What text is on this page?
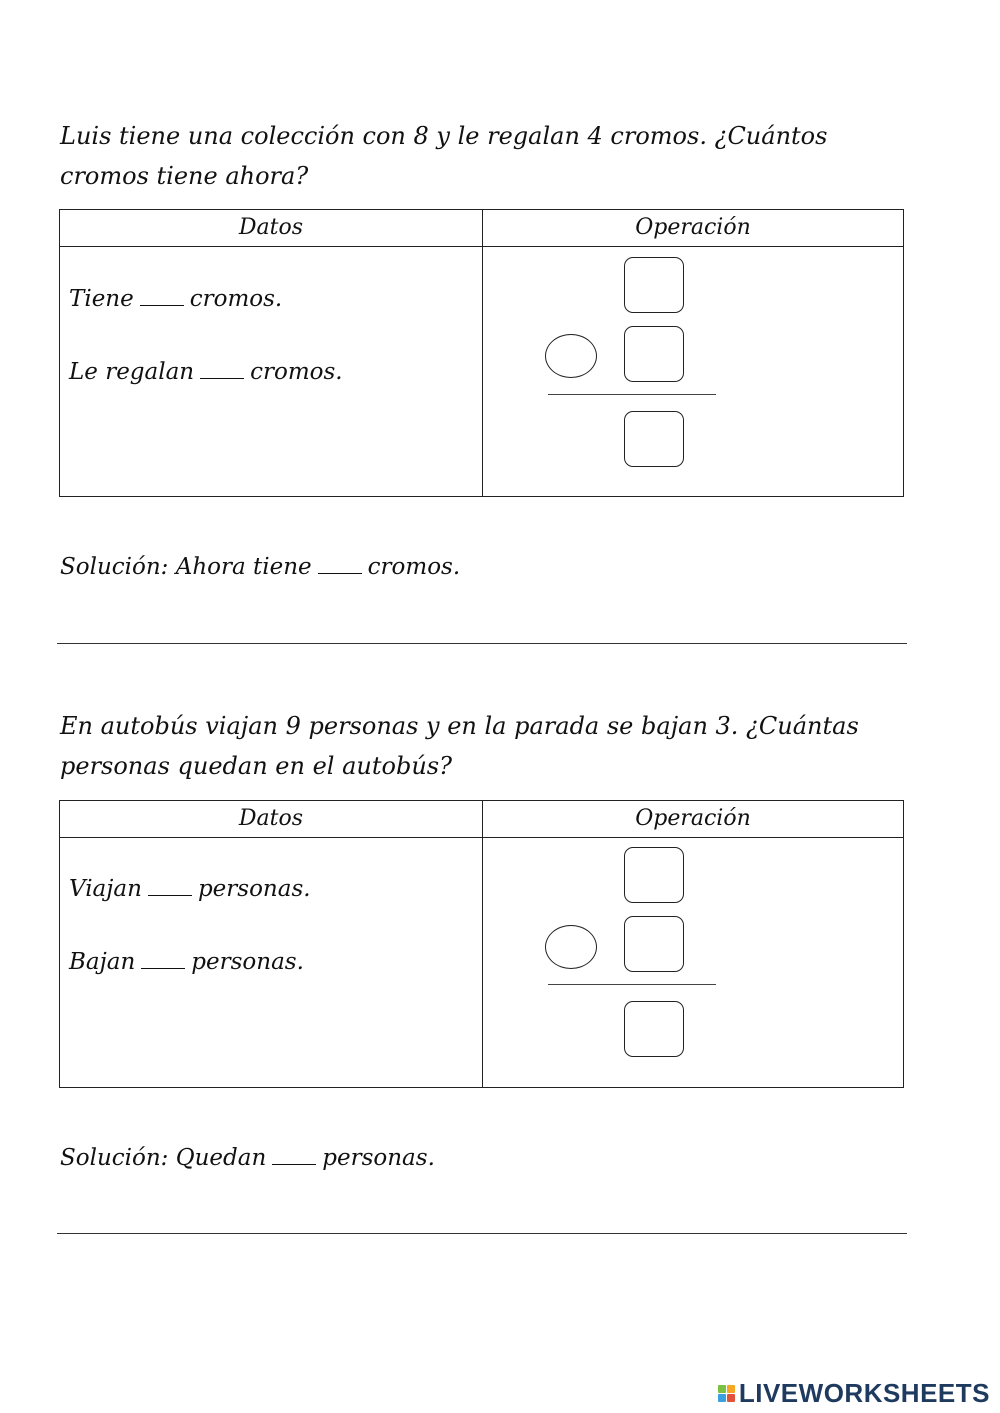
Luis tiene una colección con 8 y le regalan 4 cromos. ¿Cuántos cromos tiene ahora?

Datos	Operación
Tiene cromos.
Le regalan cromos.
Solución: Ahora tiene cromos.

En autobús viajan 9 personas y en la parada se bajan 3. ¿Cuántas personas quedan en el autobús?

Datos	Operación
Viajan personas.
Bajan personas.
Solución: Quedan personas.
LIVEWORKSHEETS
